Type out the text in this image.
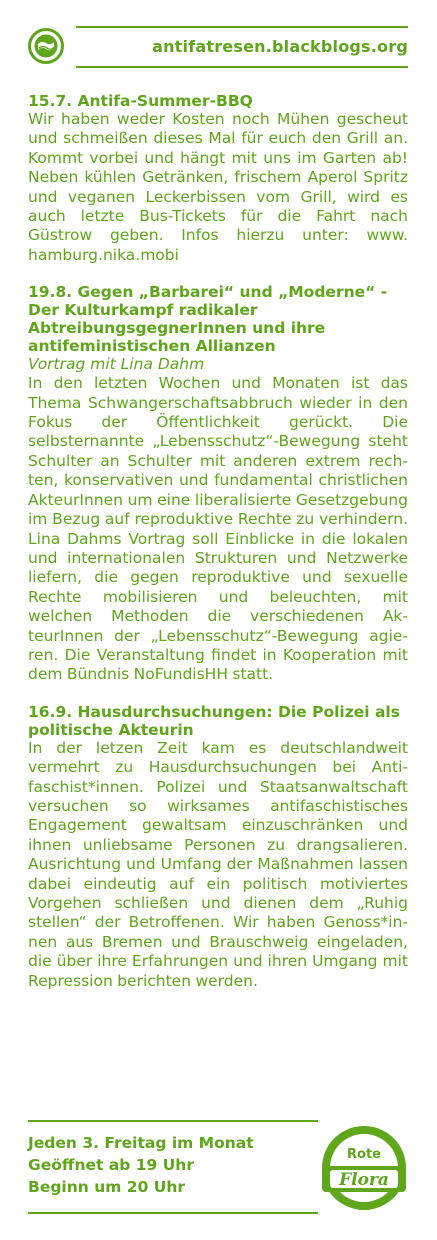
antifatresen.blackblogs.org

15.7. Antifa-Summer-BBQ

Wir haben weder Kosten noch Mühen gescheut und schmeißen dieses Mal für euch den Grill an. Kommt vorbei und hängt mit uns im Garten ab! Neben kühlen Getränken, frischem Aperol Spritz und veganen Leckerbissen vom Grill, wird es auch letzte Bus-Tickets für die Fahrt nach Güstrow geben. Infos hierzu unter: www. hamburg.nika.mobi

19.8. Gegen „Barbarei“ und „Moderne“ - Der Kulturkampf radikaler AbtreibungsgegnerInnen und ihre antifeministischen Allianzen

Vortrag mit Lina Dahm

In den letzten Wochen und Monaten ist das Thema Schwangerschaftsabbruch wieder in den Fokus der Öffentlichkeit gerückt. Die selbsternannte „Lebensschutz“-Bewegung steht Schulter an Schulter mit anderen extrem rechten, konservativen und fundamental christlichen AkteurInnen um eine liberalisierte Gesetzgebung im Bezug auf reproduktive Rechte zu verhindern. Lina Dahms Vortrag soll Einblicke in die lokalen und internationalen Strukturen und Netzwerke liefern, die gegen reproduktive und sexuelle Rechte mobilisieren und beleuchten, mit welchen Methoden die verschiedenen AkteurInnen der „Lebensschutz“-Bewegung agieren. Die Veranstaltung findet in Kooperation mit dem Bündnis NoFundisHH statt.

16.9. Hausdurchsuchungen: Die Polizei als politische Akteurin

In der letzen Zeit kam es deutschlandweit vermehrt zu Hausdurchsuchungen bei Antifaschist*innen. Polizei und Staatsanwaltschaft versuchen so wirksames antifaschistisches Engagement gewaltsam einzuschränken und ihnen unliebsame Personen zu drangsalieren. Ausrichtung und Umfang der Maßnahmen lassen dabei eindeutig auf ein politisch motiviertes Vorgehen schließen und dienen dem „Ruhig stellen“ der Betroffenen. Wir haben Genoss*innen aus Bremen und Brauschweig eingeladen, die über ihre Erfahrungen und ihren Umgang mit Repression berichten werden.

Jeden 3. Freitag im Monat
Geöffnet ab 19 Uhr
Beginn um 20 Uhr
Rote
Flora
